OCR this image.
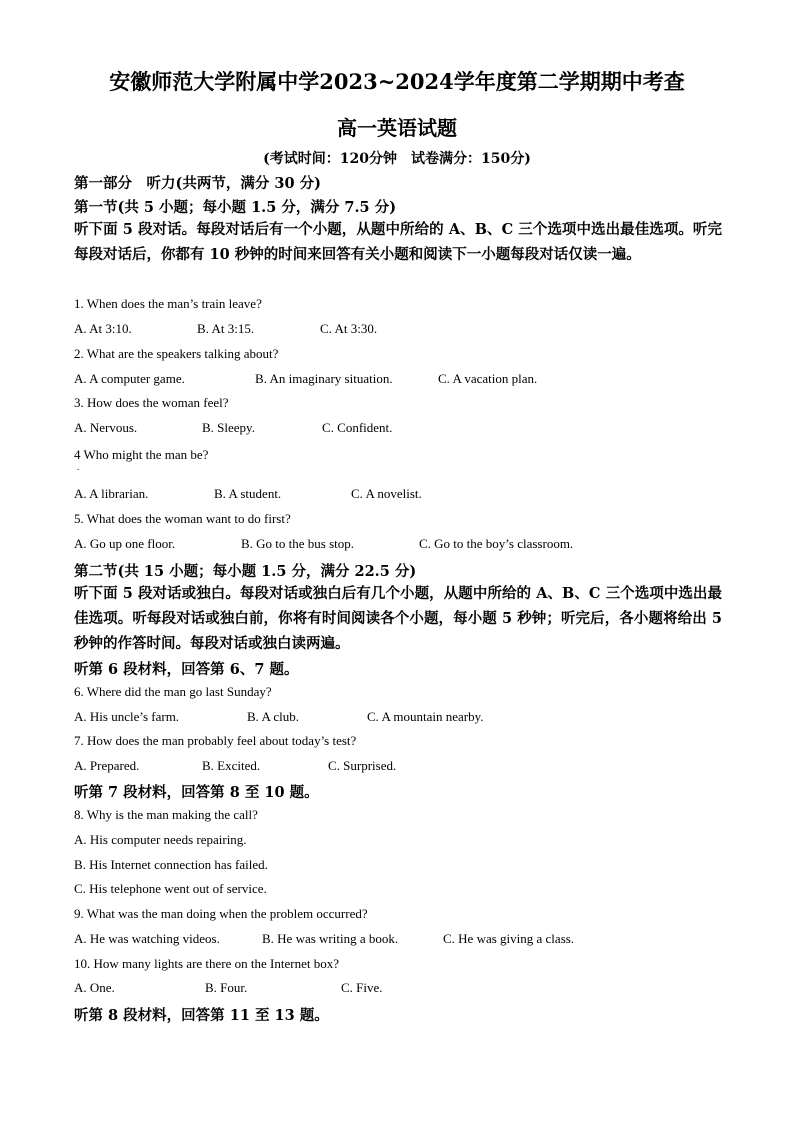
安徽师范大学附属中学2023~2024学年度第二学期期中考查
高一英语试题
(考试时间：120分钟　试卷满分：150分)
第一部分　听力(共两节，满分 30 分)
第一节(共 5 小题；每小题 1.5 分，满分 7.5 分)
听下面 5 段对话。每段对话后有一个小题，从题中所给的 A、B、C 三个选项中选出最佳选项。听完每段对话后，你都有 10 秒钟的时间来回答有关小题和阅读下一小题每段对话仅读一遍。
1. When does the man’s train leave?
A. At 3:10.	B. At 3:15.	C. At 3:30.
2. What are the speakers talking about?
A. A computer game.	B. An imaginary situation.	C. A vacation plan.
3. How does the woman feel?
A. Nervous.	B. Sleepy.	C. Confident.
4 Who might the man be?
.
A. A librarian.	B. A student.	C. A novelist.
5. What does the woman want to do first?
A. Go up one floor.	B. Go to the bus stop.	C. Go to the boy’s classroom.
第二节(共 15 小题；每小题 1.5 分，满分 22.5 分)
听下面 5 段对话或独白。每段对话或独白后有几个小题，从题中所给的 A、B、C 三个选项中选出最佳选项。听每段对话或独白前，你将有时间阅读各个小题，每小题 5 秒钟；听完后，各小题将给出 5 秒钟的作答时间。每段对话或独白读两遍。
听第 6 段材料，回答第 6、7 题。
6. Where did the man go last Sunday?
A. His uncle’s farm.	B. A club.	C. A mountain nearby.
7. How does the man probably feel about today’s test?
A. Prepared.	B. Excited.	C. Surprised.
听第 7 段材料，回答第 8 至 10 题。
8. Why is the man making the call?
A. His computer needs repairing.
B. His Internet connection has failed.
C. His telephone went out of service.
9. What was the man doing when the problem occurred?
A. He was watching videos.	B. He was writing a book.	C. He was giving a class.
10. How many lights are there on the Internet box?
A. One.	B. Four.	C. Five.
听第 8 段材料，回答第 11 至 13 题。
